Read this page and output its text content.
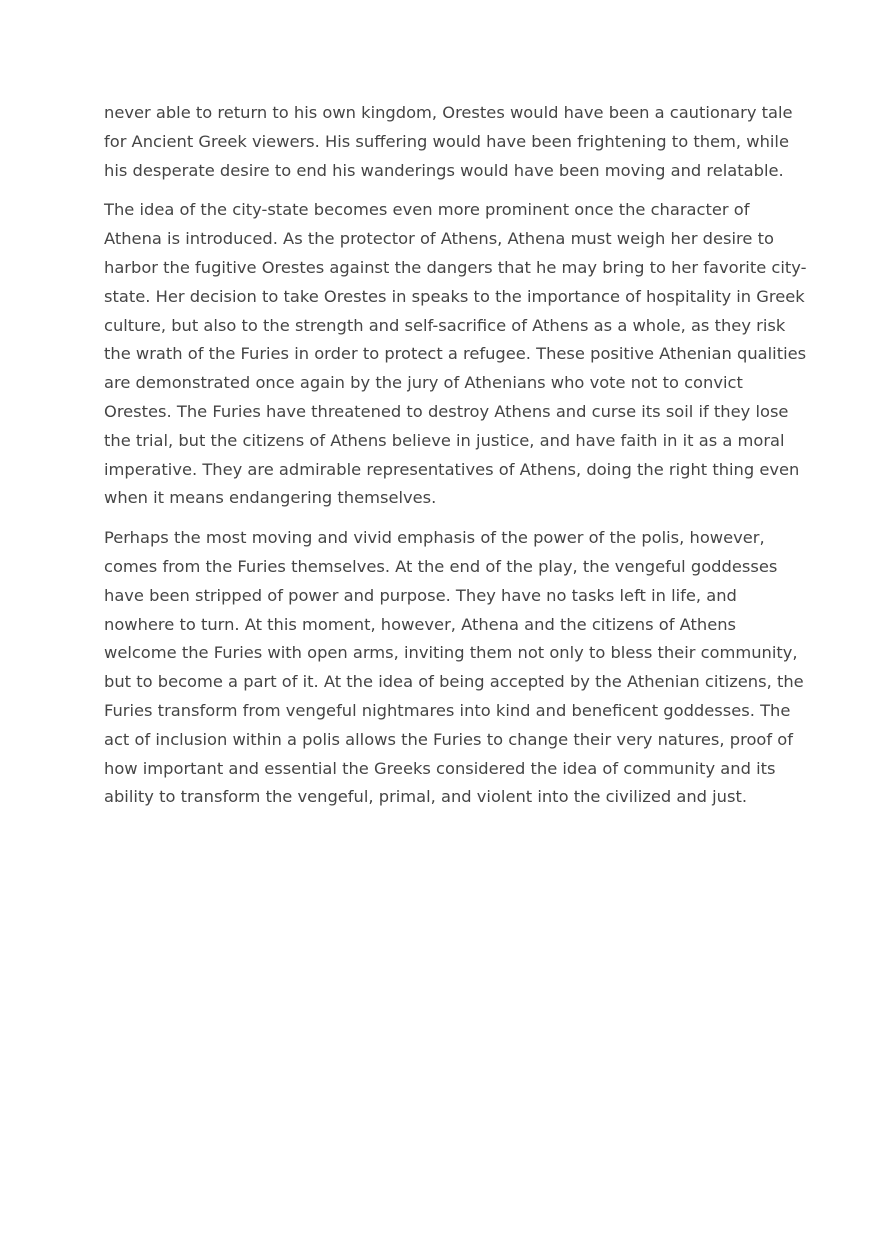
never able to return to his own kingdom, Orestes would have been a cautionary tale
for Ancient Greek viewers. His suffering would have been frightening to them, while
his desperate desire to end his wanderings would have been moving and relatable.

The idea of the city-state becomes even more prominent once the character of
Athena is introduced. As the protector of Athens, Athena must weigh her desire to
harbor the fugitive Orestes against the dangers that he may bring to her favorite city-
state. Her decision to take Orestes in speaks to the importance of hospitality in Greek
culture, but also to the strength and self-sacrifice of Athens as a whole, as they risk
the wrath of the Furies in order to protect a refugee. These positive Athenian qualities
are demonstrated once again by the jury of Athenians who vote not to convict
Orestes. The Furies have threatened to destroy Athens and curse its soil if they lose
the trial, but the citizens of Athens believe in justice, and have faith in it as a moral
imperative. They are admirable representatives of Athens, doing the right thing even
when it means endangering themselves.

Perhaps the most moving and vivid emphasis of the power of the polis, however,
comes from the Furies themselves. At the end of the play, the vengeful goddesses
have been stripped of power and purpose. They have no tasks left in life, and
nowhere to turn. At this moment, however, Athena and the citizens of Athens
welcome the Furies with open arms, inviting them not only to bless their community,
but to become a part of it. At the idea of being accepted by the Athenian citizens, the
Furies transform from vengeful nightmares into kind and beneficent goddesses. The
act of inclusion within a polis allows the Furies to change their very natures, proof of
how important and essential the Greeks considered the idea of community and its
ability to transform the vengeful, primal, and violent into the civilized and just.
